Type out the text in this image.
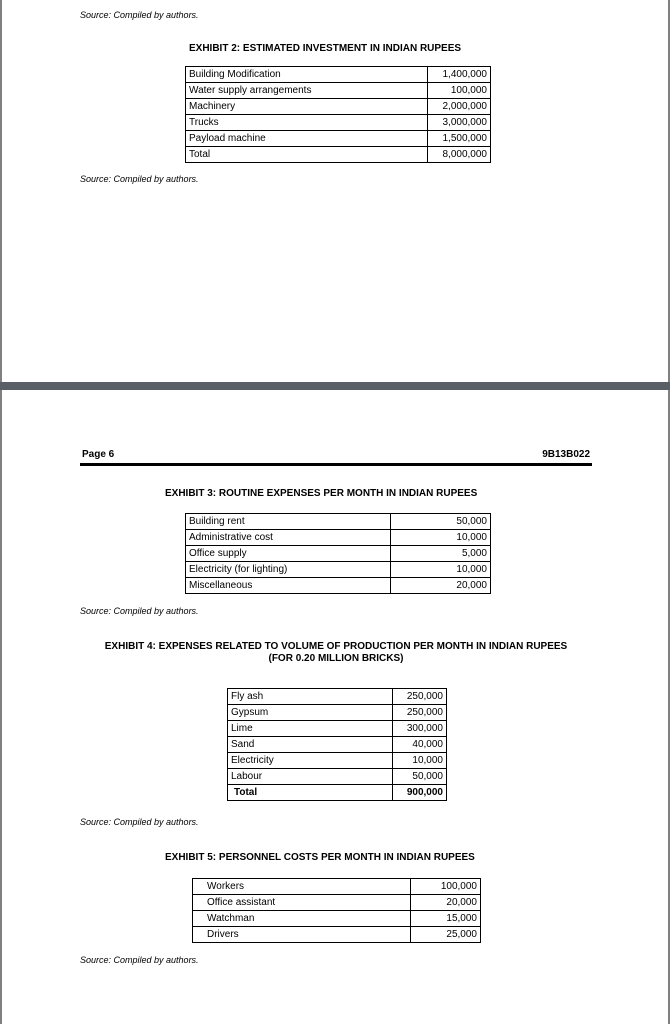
Source: Compiled by authors.
EXHIBIT 2: ESTIMATED INVESTMENT IN INDIAN RUPEES
Building Modification	1,400,000
Water supply arrangements	100,000
Machinery	2,000,000
Trucks	3,000,000
Payload machine	1,500,000
Total	8,000,000
Source: Compiled by authors.
Page 6	9B13B022
EXHIBIT 3: ROUTINE EXPENSES PER MONTH IN INDIAN RUPEES
Building rent	50,000
Administrative cost	10,000
Office supply	5,000
Electricity (for lighting)	10,000
Miscellaneous	20,000
Source: Compiled by authors.
EXHIBIT 4: EXPENSES RELATED TO VOLUME OF PRODUCTION PER MONTH IN INDIAN RUPEES
(FOR 0.20 MILLION BRICKS)
Fly ash	250,000
Gypsum	250,000
Lime	300,000
Sand	40,000
Electricity	10,000
Labour	50,000
Total	900,000
Source: Compiled by authors.
EXHIBIT 5: PERSONNEL COSTS PER MONTH IN INDIAN RUPEES
Workers	100,000
Office assistant	20,000
Watchman	15,000
Drivers	25,000
Source: Compiled by authors.
